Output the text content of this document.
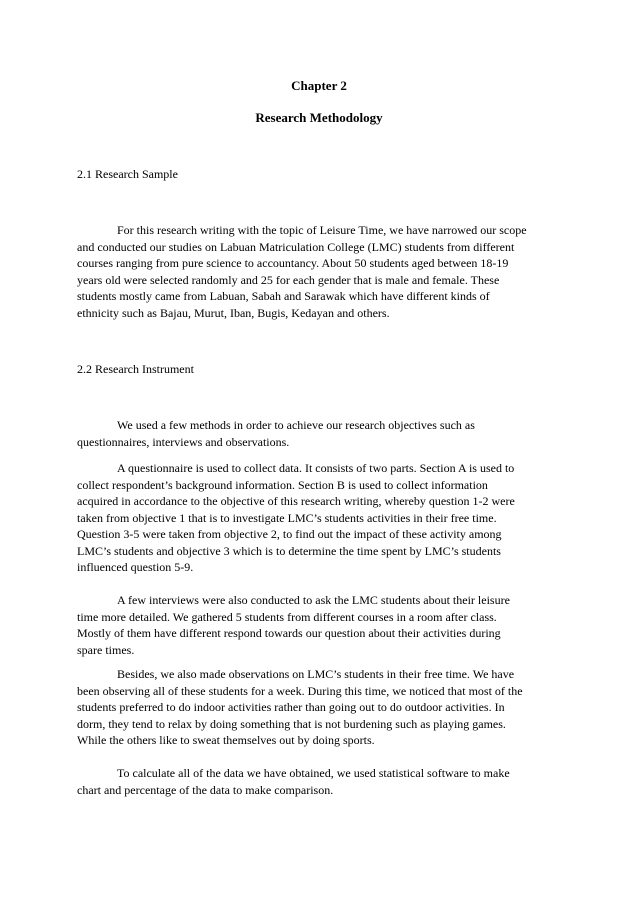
Chapter 2
Research Methodology
2.1 Research Sample

For this research writing with the topic of Leisure Time, we have narrowed our scope
and conducted our studies on Labuan Matriculation College (LMC) students from different
courses ranging from pure science to accountancy. About 50 students aged between 18-19
years old were selected randomly and 25 for each gender that is male and female. These
students mostly came from Labuan, Sabah and Sarawak which have different kinds of
ethnicity such as Bajau, Murut, Iban, Bugis, Kedayan and others.

2.2 Research Instrument

We used a few methods in order to achieve our research objectives such as
questionnaires, interviews and observations.

A questionnaire is used to collect data. It consists of two parts. Section A is used to
collect respondent’s background information. Section B is used to collect information
acquired in accordance to the objective of this research writing, whereby question 1-2 were
taken from objective 1 that is to investigate LMC’s students activities in their free time.
Question 3-5 were taken from objective 2, to find out the impact of these activity among
LMC’s students and objective 3 which is to determine the time spent by LMC’s students
influenced question 5-9.

A few interviews were also conducted to ask the LMC students about their leisure
time more detailed. We gathered 5 students from different courses in a room after class.
Mostly of them have different respond towards our question about their activities during
spare times.

Besides, we also made observations on LMC’s students in their free time. We have
been observing all of these students for a week. During this time, we noticed that most of the
students preferred to do indoor activities rather than going out to do outdoor activities. In
dorm, they tend to relax by doing something that is not burdening such as playing games.
While the others like to sweat themselves out by doing sports.

To calculate all of the data we have obtained, we used statistical software to make
chart and percentage of the data to make comparison.
